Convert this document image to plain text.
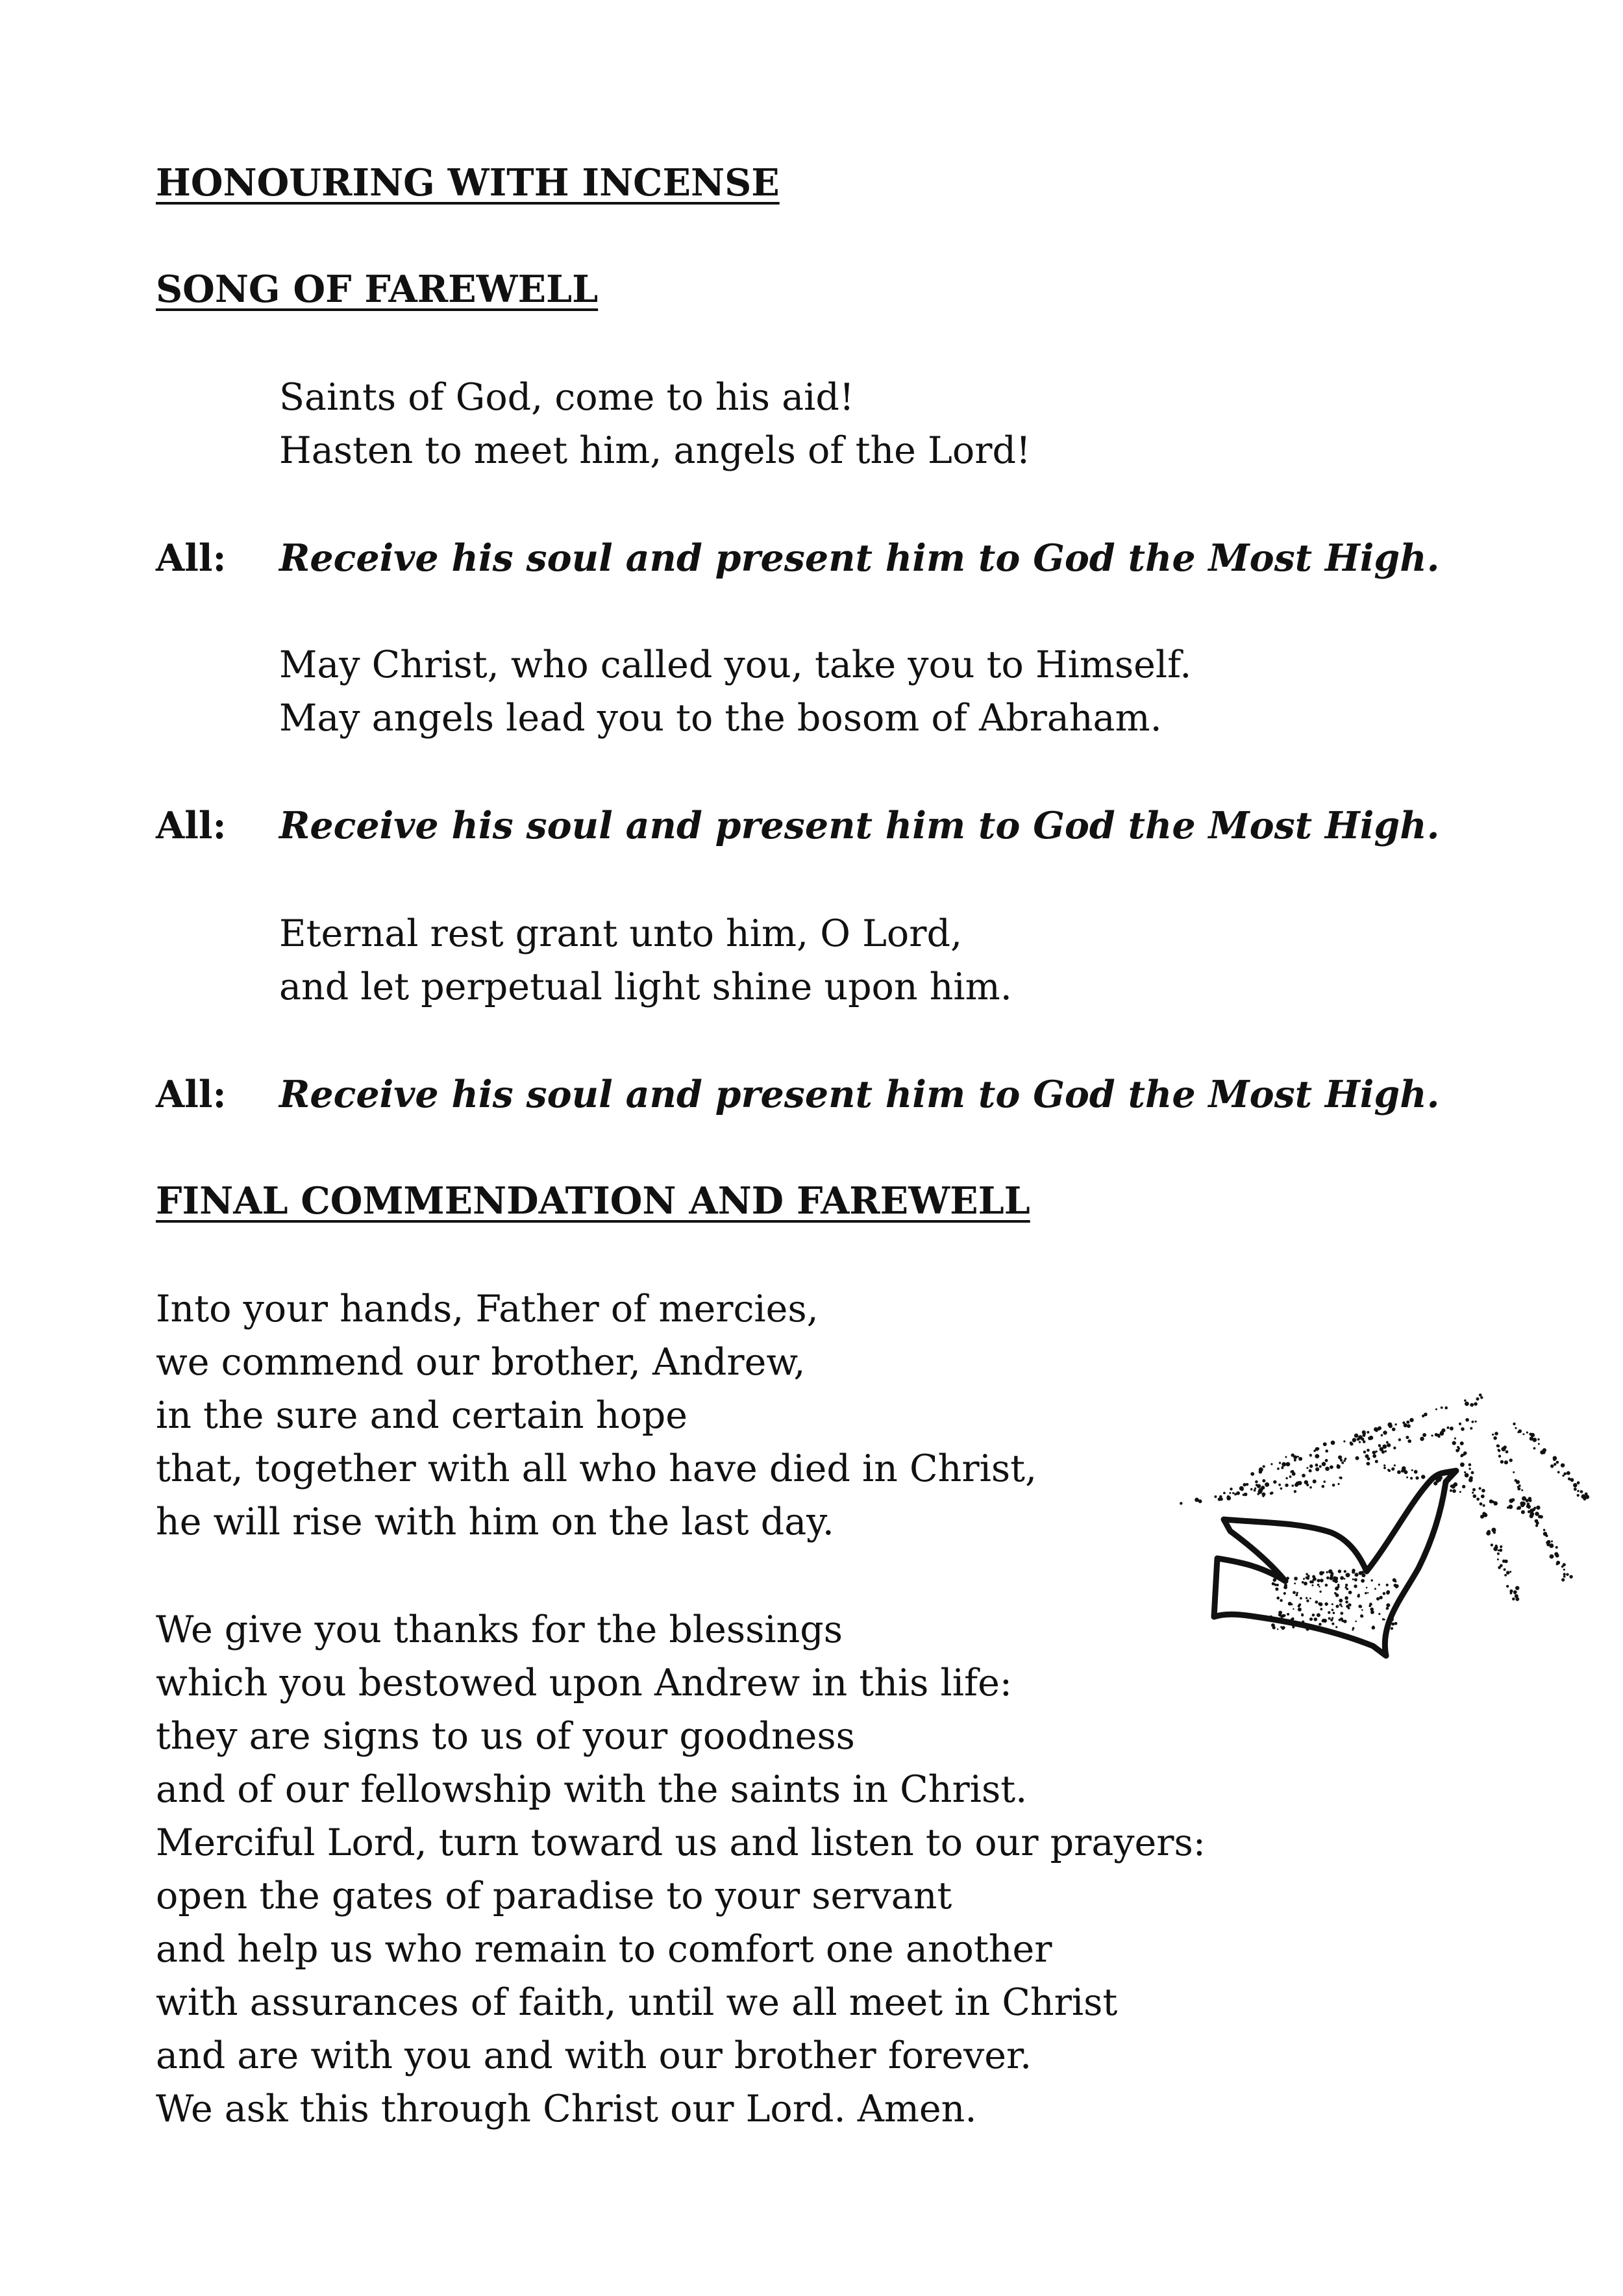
HONOURING WITH INCENSE
SONG OF FAREWELL
Saints of God, come to his aid!
Hasten to meet him, angels of the Lord!
All: Receive his soul and present him to God the Most High.
May Christ, who called you, take you to Himself.
May angels lead you to the bosom of Abraham.
All: Receive his soul and present him to God the Most High.
Eternal rest grant unto him, O Lord,
and let perpetual light shine upon him.
All: Receive his soul and present him to God the Most High.
FINAL COMMENDATION AND FAREWELL
Into your hands, Father of mercies,
we commend our brother, Andrew,
in the sure and certain hope
that, together with all who have died in Christ,
he will rise with him on the last day.
We give you thanks for the blessings
which you bestowed upon Andrew in this life:
they are signs to us of your goodness
and of our fellowship with the saints in Christ.
Merciful Lord, turn toward us and listen to our prayers:
open the gates of paradise to your servant
and help us who remain to comfort one another
with assurances of faith, until we all meet in Christ
and are with you and with our brother forever.
We ask this through Christ our Lord. Amen.
